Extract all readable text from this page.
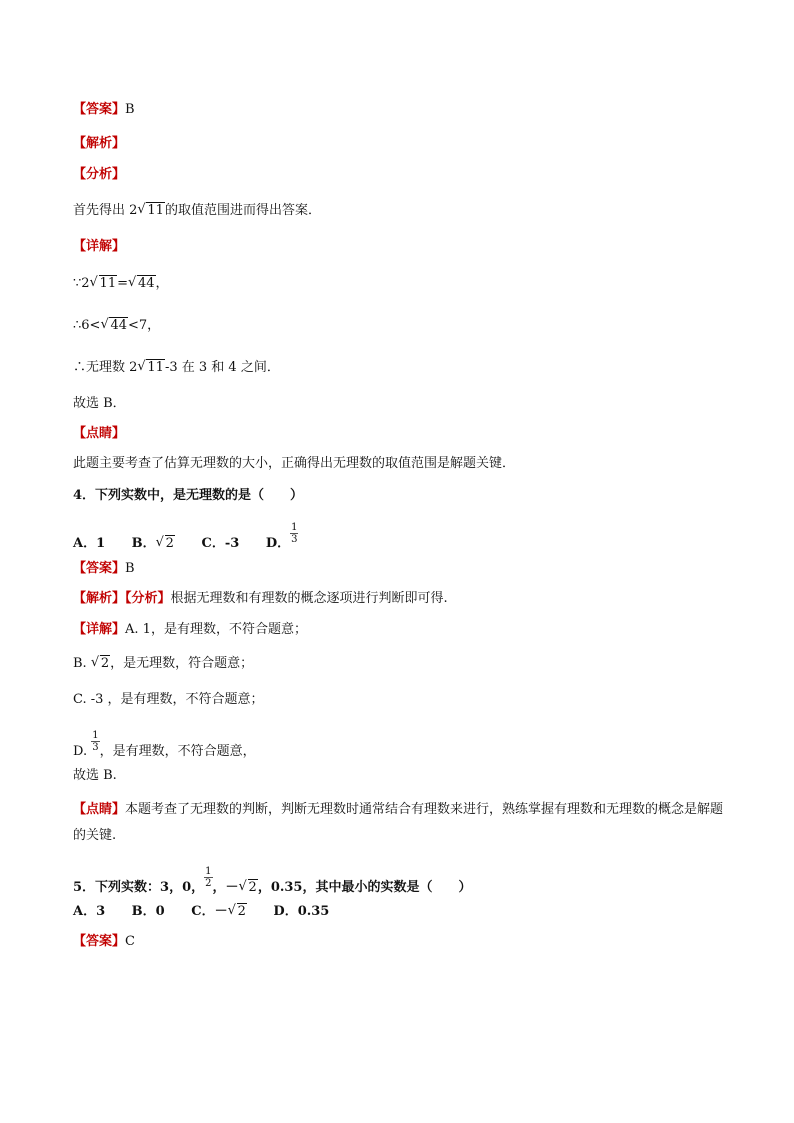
【答案】B
【解析】
【分析】
首先得出 2 √ 11的取值范围进而得出答案．
【详解】
∵2 √ 11= √ 44，
∴6< √ 44<7，
∴无理数 2 √ 11-3 在 3 和 4 之间．
故选 B．
【点睛】
此题主要考查了估算无理数的大小，正确得出无理数的取值范围是解题关键．
4．下列实数中，是无理数的是（　　）
A．1 B． √ 2 C．-3 D． $\frac{1}{3}$
【答案】B
【解析】【分析】根据无理数和有理数的概念逐项进行判断即可得.
【详解】A. 1，是有理数，不符合题意；
B. √ 2，是无理数，符合题意；
C. -3 ，是有理数，不符合题意；
D. $\frac{1}{3}$ ，是有理数，不符合题意，
故选 B.
【点睛】本题考查了无理数的判断，判断无理数时通常结合有理数来进行，熟练掌握有理数和无理数的概念是解题的关键.
5．下列实数：3，0， $\frac{1}{2}$ ，－ √ 2，0.35，其中最小的实数是（　　）
A．3 B．0 C．－ √ 2 D．0.35
【答案】C
